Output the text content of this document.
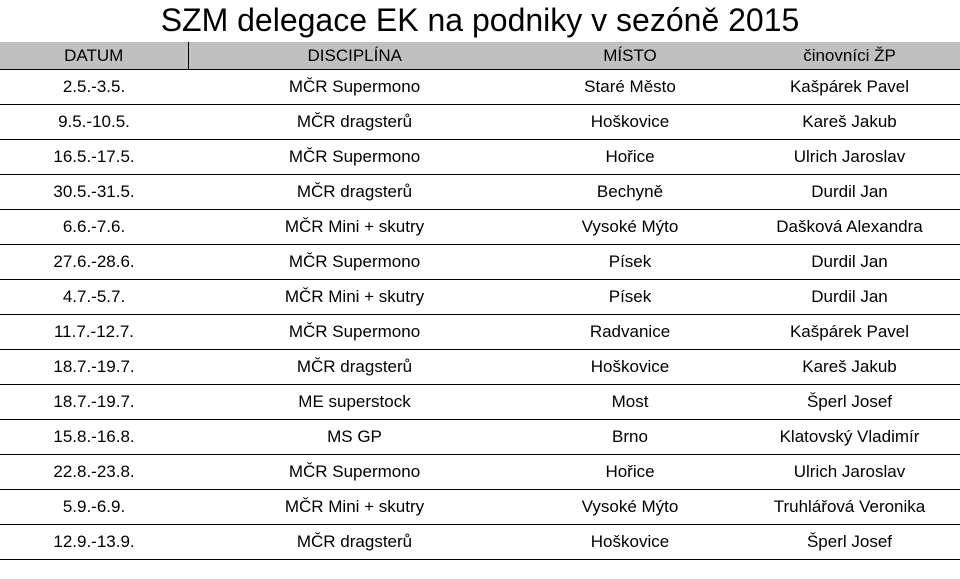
SZM delegace EK na podniky v sezóně 2015
DATUM	DISCIPLÍNA	MÍSTO	činovníci ŽP
2.5.-3.5.	MČR Supermono	Staré Město	Kašpárek Pavel
9.5.-10.5.	MČR dragsterů	Hoškovice	Kareš Jakub
16.5.-17.5.	MČR Supermono	Hořice	Ulrich Jaroslav
30.5.-31.5.	MČR dragsterů	Bechyně	Durdil Jan
6.6.-7.6.	MČR Mini + skutry	Vysoké Mýto	Dašková Alexandra
27.6.-28.6.	MČR Supermono	Písek	Durdil Jan
4.7.-5.7.	MČR Mini + skutry	Písek	Durdil Jan
11.7.-12.7.	MČR Supermono	Radvanice	Kašpárek Pavel
18.7.-19.7.	MČR dragsterů	Hoškovice	Kareš Jakub
18.7.-19.7.	ME superstock	Most	Šperl Josef
15.8.-16.8.	MS GP	Brno	Klatovský Vladimír
22.8.-23.8.	MČR Supermono	Hořice	Ulrich Jaroslav
5.9.-6.9.	MČR Mini + skutry	Vysoké Mýto	Truhlářová Veronika
12.9.-13.9.	MČR dragsterů	Hoškovice	Šperl Josef
